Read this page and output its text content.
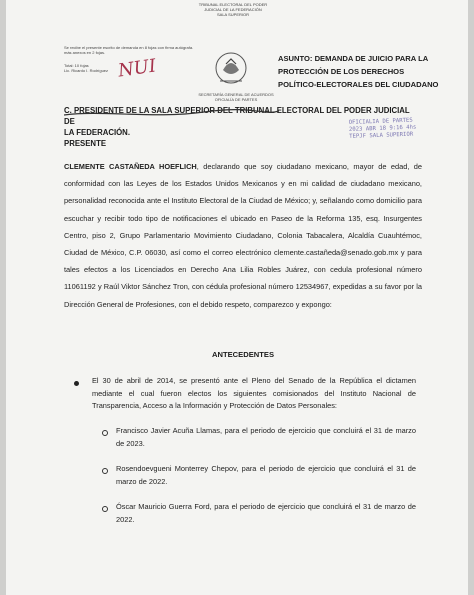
TRIBUNAL ELECTORAL DEL PODER
JUDICIAL DE LA FEDERACIÓN
SALA SUPERIOR
Se recibe el presente escrito de demanda en 8 fojas con firma autógrafa.
más anexos en 2 fojas.
Total: 10 fojas
Lic. Ricardo I. Rodríguez NUI
SECRETARÍA GENERAL DE ACUERDOS
OFICIALÍA DE PARTES

ASUNTO: DEMANDA DE JUICIO PARA LA

PROTECCIÓN DE LOS DERECHOS

POLÍTICO-ELECTORALES DEL CIUDADANO

OFICIALIA DE PARTES
2023 ABR 18 9:16 4hs
TEPJF SALA SUPERIOR

C. PRESIDENTE DE LA SALA SUPERIOR DEL TRIBUNAL ELECTORAL DEL PODER JUDICIAL DE

LA FEDERACIÓN.

PRESENTE

CLEMENTE CASTAÑEDA HOEFLICH, declarando que soy ciudadano mexicano, mayor de edad, de conformidad con las Leyes de los Estados Unidos Mexicanos y en mi calidad de ciudadano mexicano, personalidad reconocida ante el Instituto Electoral de la Ciudad de México; y, señalando como domicilio para escuchar y recibir todo tipo de notificaciones el ubicado en Paseo de la Reforma 135, esq. Insurgentes Centro, piso 2, Grupo Parlamentario Movimiento Ciudadano, Colonia Tabacalera, Alcaldía Cuauhtémoc, Ciudad de México, C.P. 06030, así como el correo electrónico clemente.castañeda@senado.gob.mx y para tales efectos a los Licenciados en Derecho Ana Lilia Robles Juárez, con cedula profesional número 11061192 y Raúl Viktor Sánchez Tron, con cédula profesional número 12534967, expedidas a su favor por la Dirección General de Profesiones, con el debido respeto, comparezco y expongo:
ANTECEDENTES
El 30 de abril de 2014, se presentó ante el Pleno del Senado de la República el dictamen mediante el cual fueron electos los siguientes comisionados del Instituto Nacional de Transparencia, Acceso a la Información y Protección de Datos Personales:
Francisco Javier Acuña Llamas, para el periodo de ejercicio que concluirá el 31 de marzo de 2023.
Rosendoevgueni Monterrey Chepov, para el periodo de ejercicio que concluirá el 31 de marzo de 2022.
Óscar Mauricio Guerra Ford, para el periodo de ejercicio que concluirá el 31 de marzo de 2022.
